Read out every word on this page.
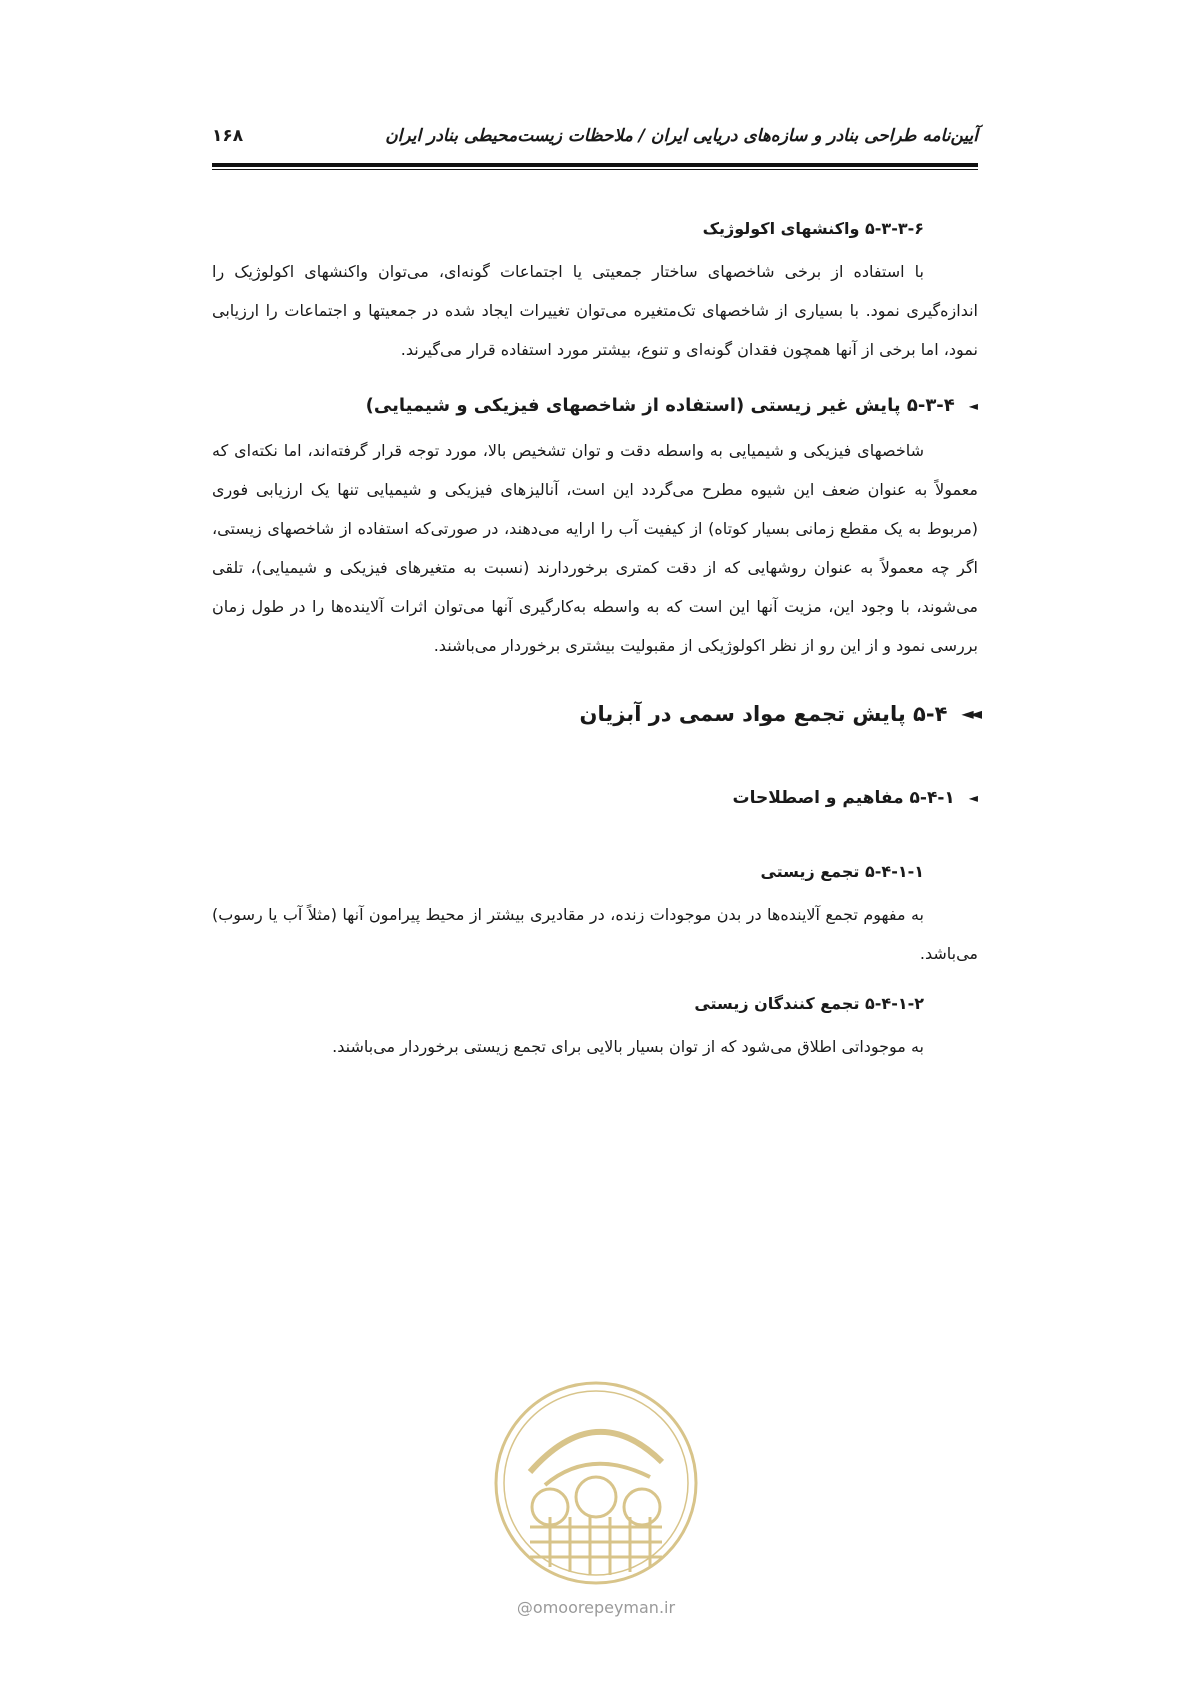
آیین‌نامه طراحی بنادر و سازه‌های دریایی ایران / ملاحظات زیست‌محیطی بنادر ایران
۱۶۸
۵-۳-۳-۶ واکنشهای اکولوژیک

با استفاده از برخی شاخصهای ساختار جمعیتی یا اجتماعات گونه‌ای، می‌توان واکنشهای اکولوژیک را اندازه‌گیری نمود. با بسیاری از شاخصهای تک‌متغیره می‌توان تغییرات ایجاد شده در جمعیتها و اجتماعات را ارزیابی نمود، اما برخی از آنها همچون فقدان گونه‌ای و تنوع، بیشتر مورد استفاده قرار می‌گیرند.

◄
۵-۳-۴ پایش غیر زیستی (استفاده از شاخصهای فیزیکی و شیمیایی)

شاخصهای فیزیکی و شیمیایی به واسطه دقت و توان تشخیص بالا، مورد توجه قرار گرفته‌اند، اما نکته‌ای که معمولاً به عنوان ضعف این شیوه مطرح می‌گردد این است، آنالیزهای فیزیکی و شیمیایی تنها یک ارزیابی فوری (مربوط به یک مقطع زمانی بسیار کوتاه) از کیفیت آب را ارایه می‌دهند، در صورتی‌که استفاده از شاخصهای زیستی، اگر چه معمولاً به عنوان روشهایی که از دقت کمتری برخوردارند (نسبت به متغیرهای فیزیکی و شیمیایی)، تلقی می‌شوند، با وجود این، مزیت آنها این است که به واسطه به‌کارگیری آنها می‌توان اثرات آلاینده‌ها را در طول زمان بررسی نمود و از این رو از نظر اکولوژیکی از مقبولیت بیشتری برخوردار می‌باشند.

◄◄
۵-۴ پایش تجمع مواد سمی در آبزیان
◄
۵-۴-۱ مفاهیم و اصطلاحات
۵-۴-۱-۱ تجمع زیستی

به مفهوم تجمع آلاینده‌ها در بدن موجودات زنده، در مقادیری بیشتر از محیط پیرامون آنها (مثلاً آب یا رسوب) می‌باشد.

۵-۴-۱-۲ تجمع کنندگان زیستی

به موجوداتی اطلاق می‌شود که از توان بسیار بالایی برای تجمع زیستی برخوردار می‌باشند.

@omoorepeyman.ir
